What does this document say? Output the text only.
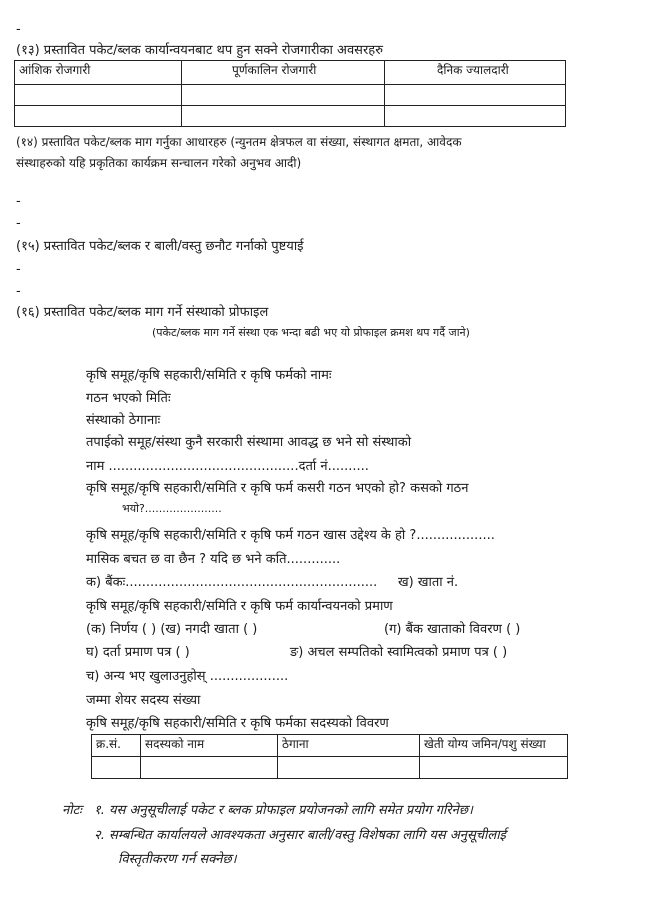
-
(१३) प्रस्तावित पकेट/ब्लक कार्यान्वयनबाट थप हुन सक्ने रोजगारीका अवसरहरु
आंशिक रोजगारी	पूर्णकालिन रोजगारी	दैनिक ज्यालदारी

(१४) प्रस्तावित पकेट/ब्लक माग गर्नुका आधारहरु (न्युनतम क्षेत्रफल वा संख्या, संस्थागत क्षमता, आवेदक
संस्थाहरुको यहि प्रकृतिका कार्यक्रम सन्चालन गरेको अनुभव आदी)
-
-
(१५) प्रस्तावित पकेट/ब्लक र बाली/वस्तु छनौट गर्नाको पुष्टयाई
-
-
(१६) प्रस्तावित पकेट/ब्लक माग गर्ने संस्थाको प्रोफाइल
(पकेट/ब्लक माग गर्ने संस्था एक भन्दा बढी भए यो प्रोफाइल क्रमश थप गर्दै जाने)
कृषि समूह/कृषि सहकारी/समिति र कृषि फर्मको नामः
गठन भएको मितिः
संस्थाको ठेगानाः
तपाईको समूह/संस्था कुनै सरकारी संस्थामा आवद्ध छ भने सो संस्थाको
नाम ..............................................दर्ता नं..........
कृषि समूह/कृषि सहकारी/समिति र कृषि फर्म कसरी गठन भएको हो? कसको गठन
भयो?......................
कृषि समूह/कृषि सहकारी/समिति र कृषि फर्म गठन खास उद्देश्य के हो ?...................
मासिक बचत छ वा छैन ? यदि छ भने कति.............
क) बैंकः............................................................. ख) खाता नं.
कृषि समूह/कृषि सहकारी/समिति र कृषि फर्म कार्यान्वयनको प्रमाण
(क) निर्णय ( ) (ख) नगदी खाता ( )	(ग) बैंक खाताको विवरण ( )
घ) दर्ता प्रमाण पत्र ( )	ङ) अचल सम्पतिको स्वामित्वको प्रमाण पत्र ( )
च) अन्य भए खुलाउनुहोस् ...................
जम्मा शेयर सदस्य संख्या
कृषि समूह/कृषि सहकारी/समिति र कृषि फर्मका सदस्यको विवरण
क्र.सं.	सदस्यको नाम	ठेगाना	खेती योग्य जमिन/पशु संख्या

नोटः १. यस अनुसूचीलाई पकेट र ब्लक प्रोफाइल प्रयोजनको लागि समेत प्रयोग गरिनेछ।
२. सम्बन्धित कार्यालयले आवश्यकता अनुसार बाली/वस्तु विशेषका लागि यस अनुसूचीलाई
विस्तृतीकरण गर्न सक्नेछ।
